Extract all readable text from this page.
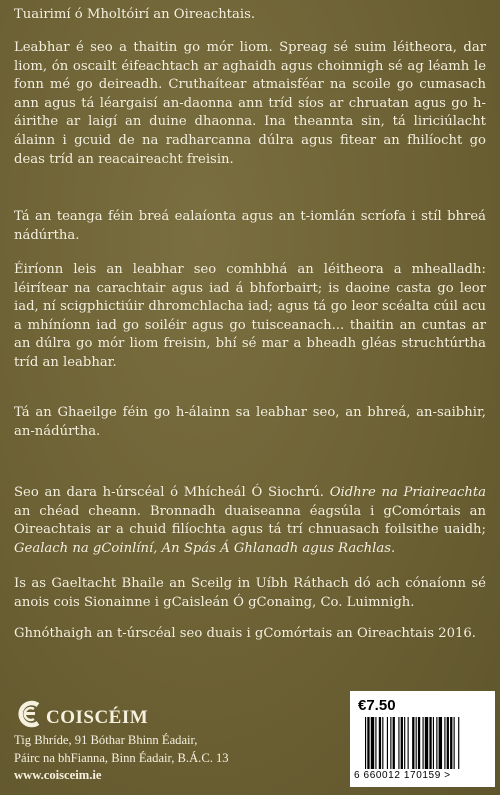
Tuairimí ó Mholtóirí an Oireachtais.

Leabhar é seo a thaitin go mór liom. Spreag sé suim léitheora, dar liom, ón oscailt éifeachtach ar aghaidh agus choinnigh sé ag léamh le fonn mé go deireadh. Cruthaítear atmaisféar na scoile go cumasach ann agus tá léargaisí an-daonna ann tríd síos ar chruatan agus go h-áirithe ar laigí an duine dhaonna. Ina theannta sin, tá liriciúlacht álainn i gcuid de na radharcanna dúlra agus fitear an fhilíocht go deas tríd an reacaireacht freisin.

Tá an teanga féin breá ealaíonta agus an t-iomlán scríofa i stíl bhreá nádúrtha.

Éiríonn leis an leabhar seo comhbhá an léitheora a mhealladh: léirítear na carachtair agus iad á bhforbairt; is daoine casta go leor iad, ní scigphictiúir dhromchlacha iad; agus tá go leor scéalta cúil acu a mhíníonn iad go soiléir agus go tuisceanach... thaitin an cuntas ar an dúlra go mór liom freisin, bhí sé mar a bheadh gléas struchtúrtha tríd an leabhar.

Tá an Ghaeilge féin go h-álainn sa leabhar seo, an bhreá, an-saibhir, an-nádúrtha.

Seo an dara h-úrscéal ó Mhícheál Ó Siochrú. Oidhre na Priaireachta an chéad cheann. Bronnadh duaiseanna éagsúla i gComórtais an Oireachtais ar a chuid filíochta agus tá trí chnuasach foilsithe uaidh; Gealach na gCoinlíní, An Spás Á Ghlanadh agus Rachlas.

Is as Gaeltacht Bhaile an Sceilg in Uíbh Ráthach dó ach cónaíonn sé anois cois Sionainne i gCaisleán Ó gConaing, Co. Luimnigh.

Ghnóthaigh an t-úrscéal seo duais i gComórtais an Oireachtais 2016.

COISCÉIM
Tig Bhríde, 91 Bóthar Bhinn Éadair,
Páirc na bhFianna, Binn Éadair, B.Á.C. 13
www.coisceim.ie
€7.50
6 660012 170159 >
